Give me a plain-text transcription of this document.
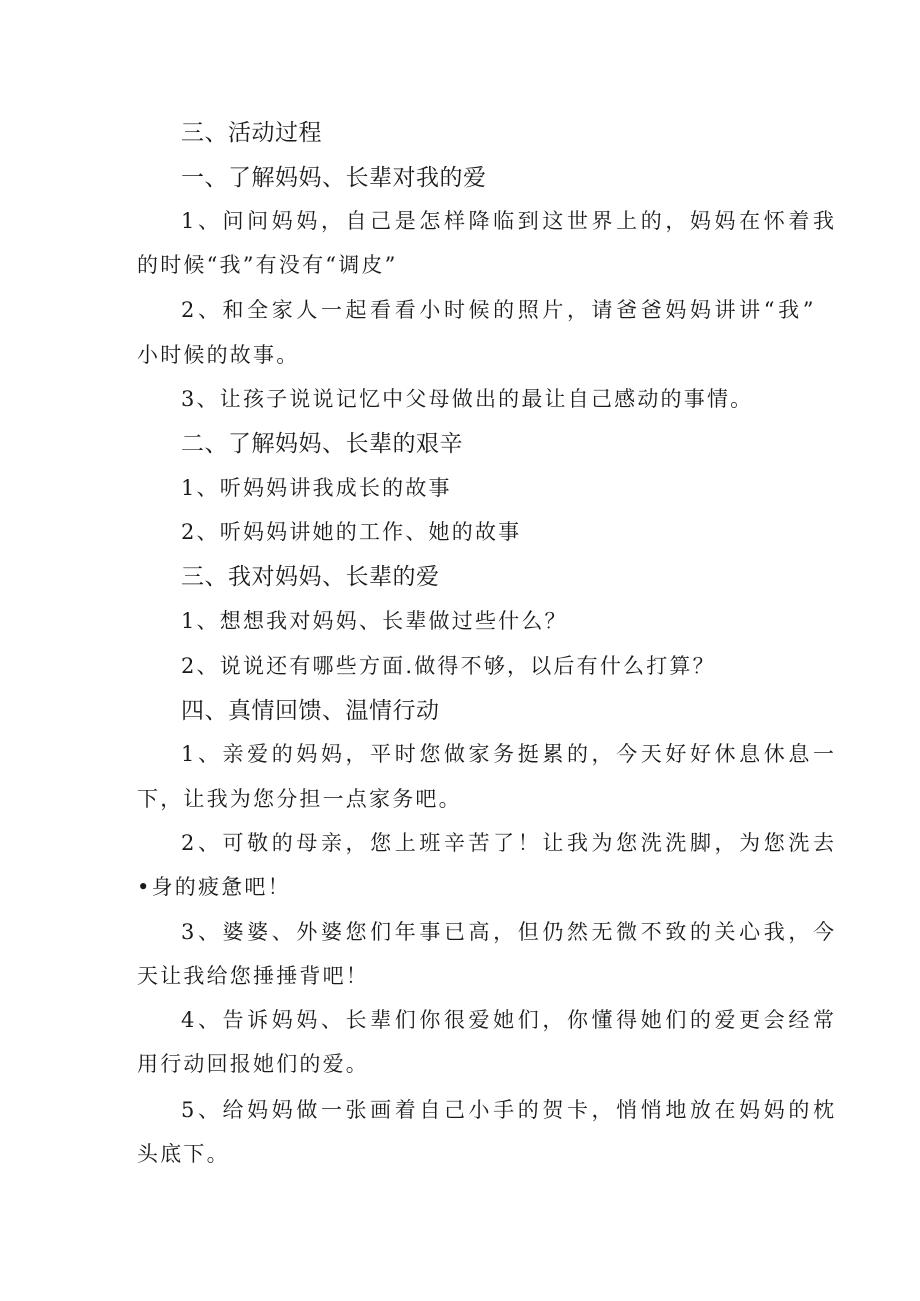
三、活动过程

一、了解妈妈、长辈对我的爱

1、问问妈妈，自己是怎样降临到这世界上的，妈妈在怀着我

的时候“我”有没有“调皮”

2、和全家人一起看看小时候的照片，请爸爸妈妈讲讲“我”

小时候的故事。

3、让孩子说说记忆中父母做出的最让自己感动的事情。

二、了解妈妈、长辈的艰辛

1、听妈妈讲我成长的故事

2、听妈妈讲她的工作、她的故事

三、我对妈妈、长辈的爱

1、想想我对妈妈、长辈做过些什么？

2、说说还有哪些方面.做得不够，以后有什么打算？

四、真情回馈、温情行动

1、亲爱的妈妈，平时您做家务挺累的，今天好好休息休息一

下，让我为您分担一点家务吧。

2、可敬的母亲，您上班辛苦了！让我为您洗洗脚，为您洗去

•身的疲惫吧！

3、婆婆、外婆您们年事已高，但仍然无微不致的关心我，今

天让我给您捶捶背吧！

4、告诉妈妈、长辈们你很爱她们，你懂得她们的爱更会经常

用行动回报她们的爱。

5、给妈妈做一张画着自己小手的贺卡，悄悄地放在妈妈的枕

头底下。
